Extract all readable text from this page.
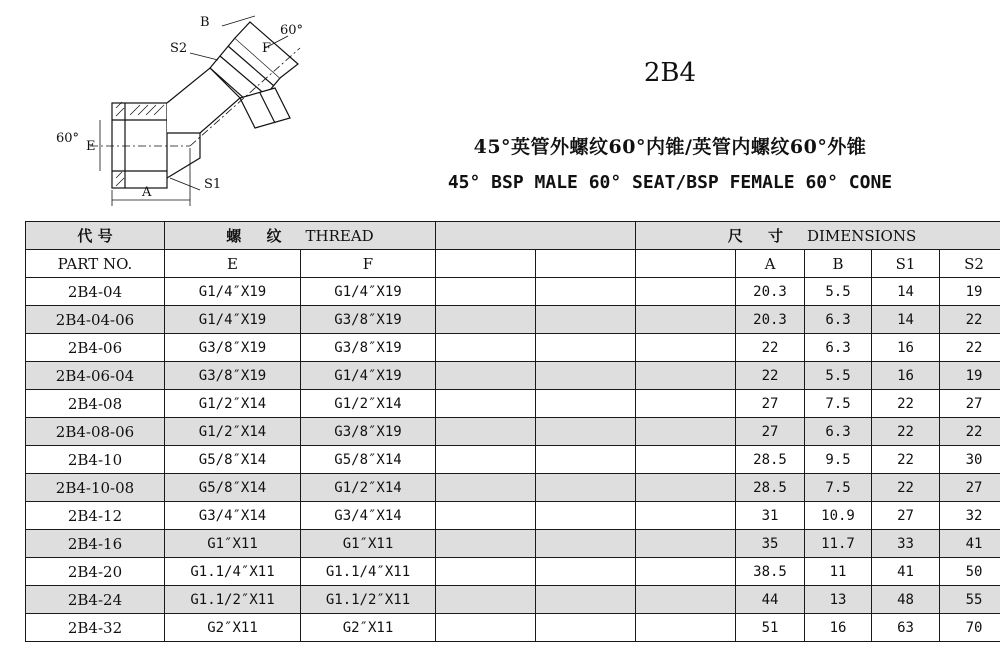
B
F
60°
S2
60°
E
A
S1
2B4
45°英管外螺纹60°内锥/英管内螺纹60°外锥
45° BSP MALE 60° SEAT/BSP FEMALE 60° CONE
代 号	螺 纹 THREAD				尺 寸 DIMENSIONS					
PART NO.	E	F				A	B	S1	S2	
2B4-04	G1/4″X19	G1/4″X19				20.3	5.5	14	19	
2B4-04-06	G1/4″X19	G3/8″X19				20.3	6.3	14	22	
2B4-06	G3/8″X19	G3/8″X19				22	6.3	16	22	
2B4-06-04	G3/8″X19	G1/4″X19				22	5.5	16	19	
2B4-08	G1/2″X14	G1/2″X14				27	7.5	22	27	
2B4-08-06	G1/2″X14	G3/8″X19				27	6.3	22	22	
2B4-10	G5/8″X14	G5/8″X14				28.5	9.5	22	30	
2B4-10-08	G5/8″X14	G1/2″X14				28.5	7.5	22	27	
2B4-12	G3/4″X14	G3/4″X14				31	10.9	27	32	
2B4-16	G1″X11	G1″X11				35	11.7	33	41	
2B4-20	G1.1/4″X11	G1.1/4″X11				38.5	11	41	50	
2B4-24	G1.1/2″X11	G1.1/2″X11				44	13	48	55	
2B4-32	G2″X11	G2″X11				51	16	63	70	
